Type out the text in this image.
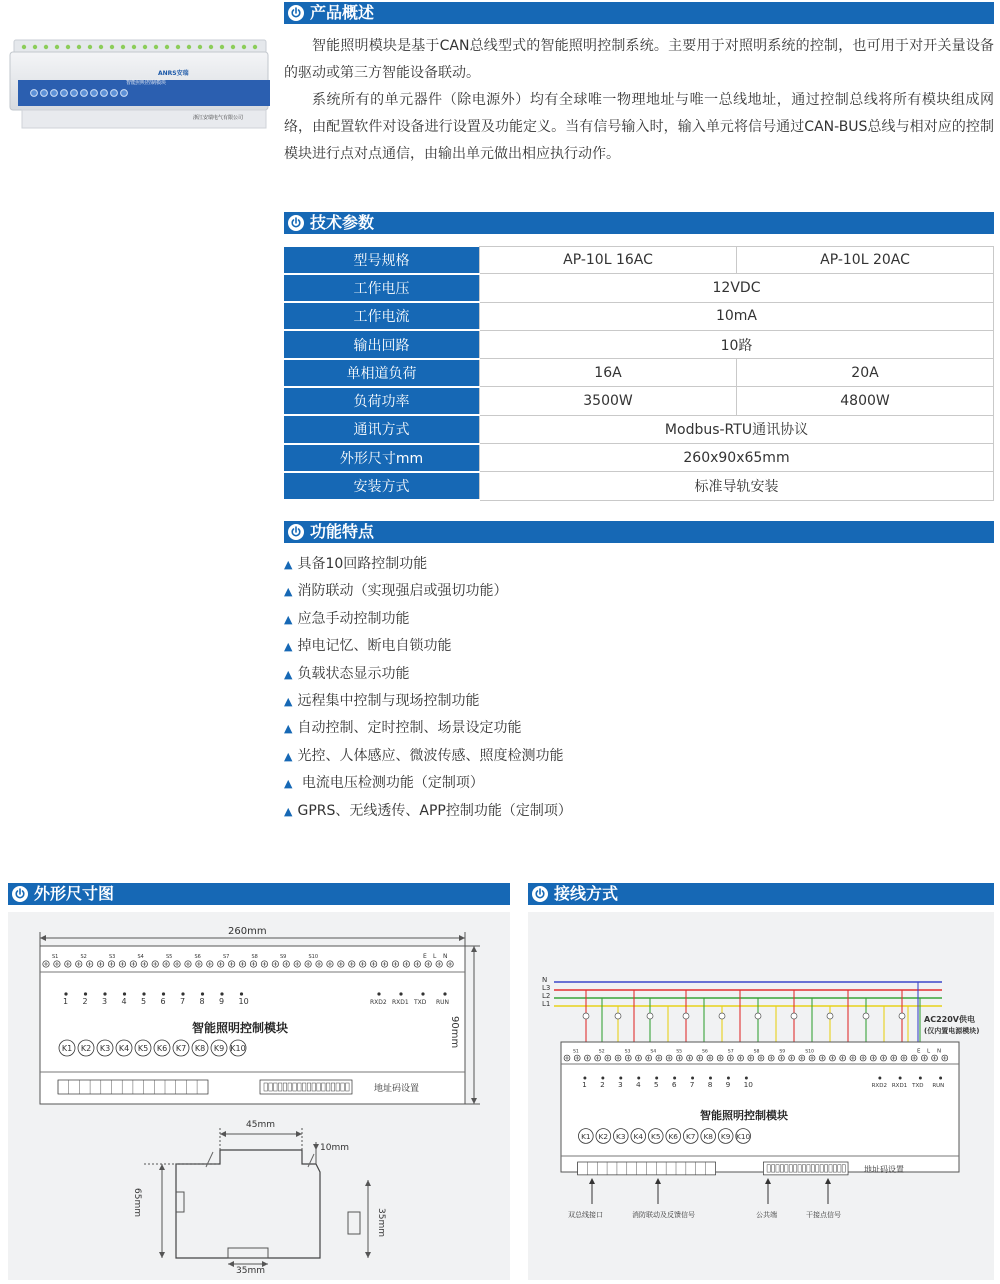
ANRS安瑞
智能照明控制模块
浙江安瑞电气有限公司
产品概述

智能照明模块是基于CAN总线型式的智能照明控制系统。主要用于对照明系统的控制，也可用于对开关量设备的驱动或第三方智能设备联动。

系统所有的单元器件（除电源外）均有全球唯一物理地址与唯一总线地址，通过控制总线将所有模块组成网络，由配置软件对设备进行设置及功能定义。当有信号输入时，输入单元将信号通过CAN-BUS总线与相对应的控制模块进行点对点通信，由输出单元做出相应执行动作。

技术参数
型号规格	AP-10L 16AC	AP-10L 20AC
工作电压	12VDC	
工作电流	10mA	
输出回路	10路	
单相道负荷	16A	20A
负荷功率	3500W	4800W
通讯方式	Modbus-RTU通讯协议	
外形尺寸mm	260x90x65mm	
安装方式	标准导轨安装	
功能特点
▲ 具备10回路控制功能
▲ 消防联动（实现强启或强切功能）
▲ 应急手动控制功能
▲ 掉电记忆、断电自锁功能
▲ 负载状态显示功能
▲ 远程集中控制与现场控制功能
▲ 自动控制、定时控制、场景设定功能
▲ 光控、人体感应、微波传感、照度检测功能
▲ 电流电压检测功能（定制项）
▲ GPRS、无线透传、APP控制功能（定制项）
外形尺寸图
S1	S2	S3	S4	S5	S6	S7	S8	S9	S10	E L N
1 2 3 4 5 6 7 8 9 10	RXD2 RXD1 TXD RUN
K1 K2 K3 K4 K5 K6 K7 K8 K9 K10
260mm
90mm
智能照明控制模块
地址码设置
45mm
10mm
65mm
35mm
35mm
接线方式
S1	S2	S3	S4	S5	S6	S7	S8	S9	S10	E L N
1 2 3 4 5 6 7 8 9 10	RXD2 RXD1 TXD RUN
K1 K2 K3 K4 K5 K6 K7 K8 K9 K10
N
L3
L2
L1
AC220V供电
(仅内置电源模块)
智能照明控制模块
地址码设置
双总线接口	消防联动及反馈信号	公共端	干接点信号
